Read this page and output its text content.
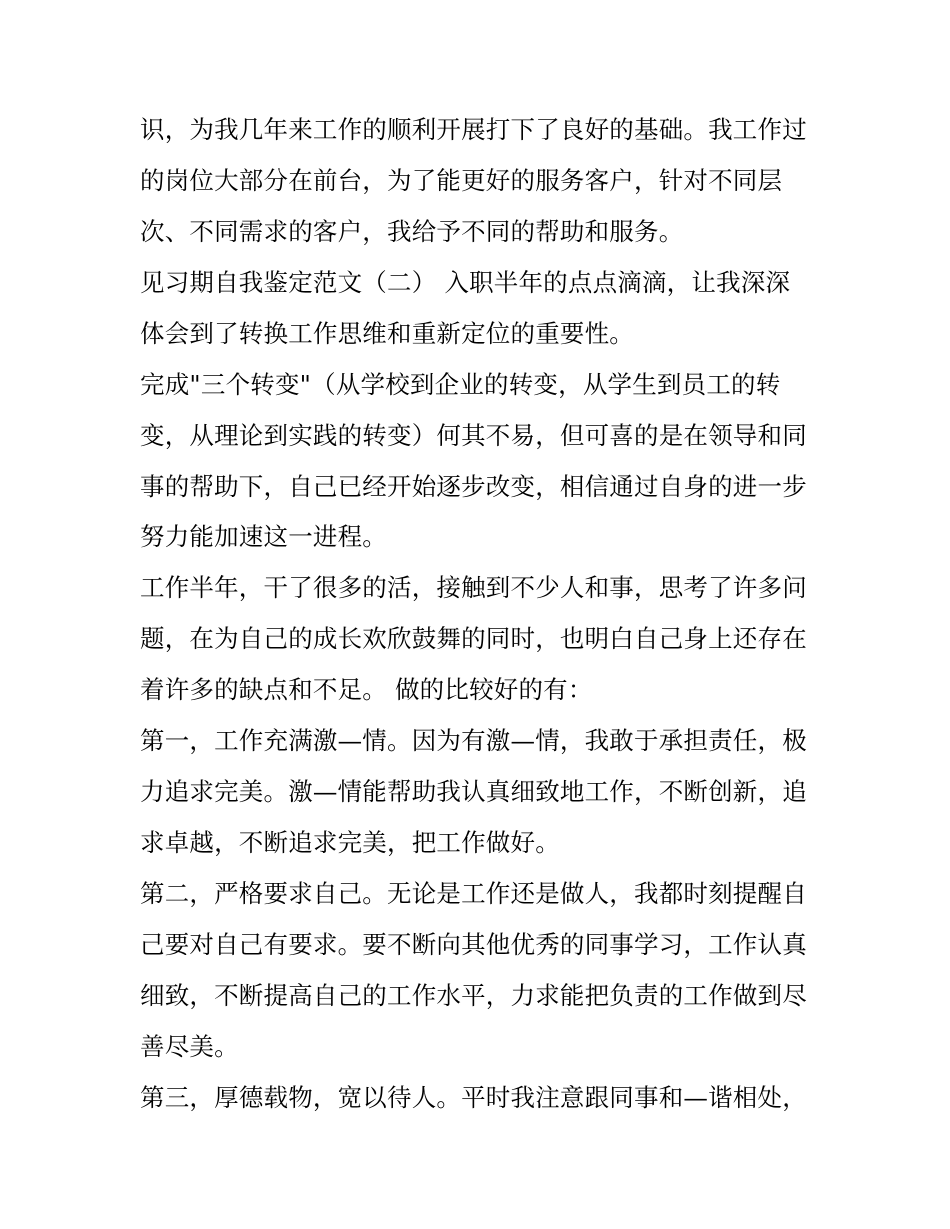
识，为我几年来工作的顺利开展打下了良好的基础。我工作过
的岗位大部分在前台，为了能更好的服务客户，针对不同层
次、不同需求的客户，我给予不同的帮助和服务。
见习期自我鉴定范文（二） 入职半年的点点滴滴，让我深深
体会到了转换工作思维和重新定位的重要性。
完成"三个转变"（从学校到企业的转变，从学生到员工的转
变，从理论到实践的转变）何其不易，但可喜的是在领导和同
事的帮助下，自己已经开始逐步改变，相信通过自身的进一步
努力能加速这一进程。
工作半年，干了很多的活，接触到不少人和事，思考了许多问
题，在为自己的成长欢欣鼓舞的同时，也明白自己身上还存在
着许多的缺点和不足。 做的比较好的有：
第一，工作充满激—情。因为有激—情，我敢于承担责任，极
力追求完美。激—情能帮助我认真细致地工作，不断创新，追
求卓越，不断追求完美，把工作做好。
第二，严格要求自己。无论是工作还是做人，我都时刻提醒自
己要对自己有要求。要不断向其他优秀的同事学习，工作认真
细致，不断提高自己的工作水平，力求能把负责的工作做到尽
善尽美。
第三，厚德载物，宽以待人。平时我注意跟同事和—谐相处，
